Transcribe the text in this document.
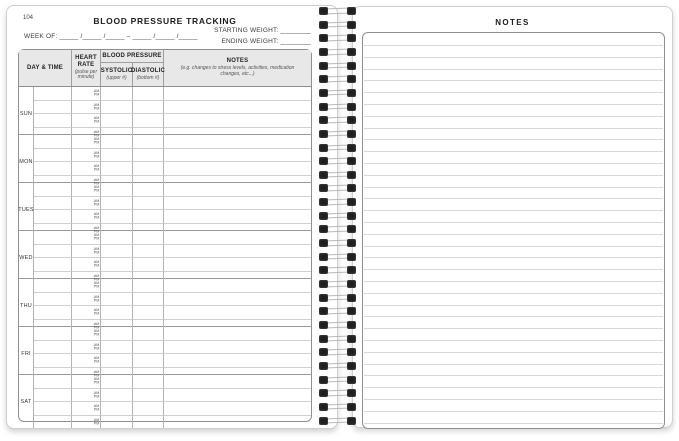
104	BLOOD PRESSURE TRACKING
WEEK OF: _____ /_____ /_____ – _____ /_____ /_____
STARTING WEIGHT: ________
ENDING WEIGHT: ________
DAY & TIME
HEART RATE
(pulse per minute)
BLOOD PRESSURE
SYSTOLIC
(upper #)
DIASTOLIC
(bottom #)
NOTES
(e.g. changes to stress levels, activities, medication changes, etc...)
SUN
AM
PM
AM
PM
AM
PM
AM
PM
MON
AM
PM
AM
PM
AM
PM
AM
PM
TUES
AM
PM
AM
PM
AM
PM
AM
PM
WED
AM
PM
AM
PM
AM
PM
AM
PM
THU
AM
PM
AM
PM
AM
PM
AM
PM
FRI
AM
PM
AM
PM
AM
PM
AM
PM
SAT
AM
PM
AM
PM
AM
PM
AM
PM
NOTES
